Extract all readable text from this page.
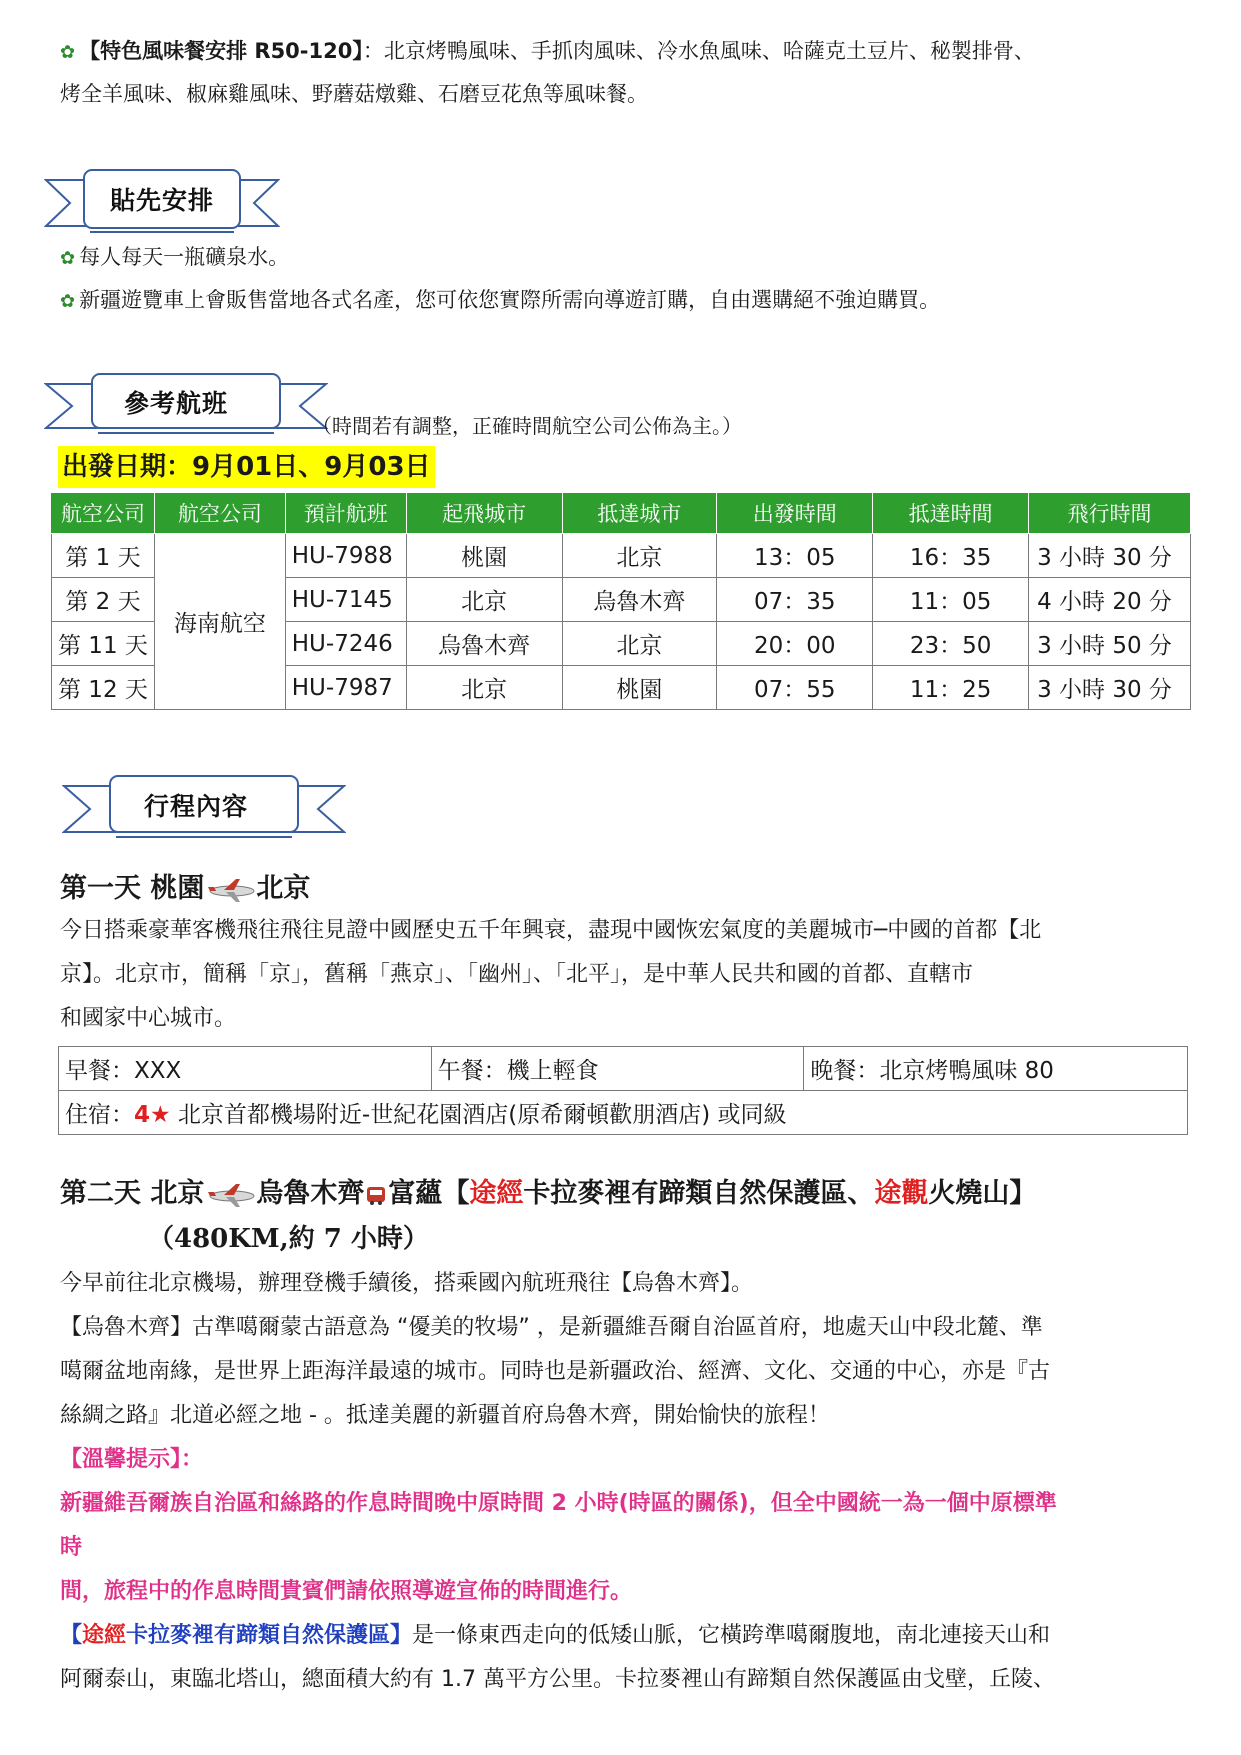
✿ 【特色風味餐安排 R50-120】：北京烤鴨風味、手抓肉風味、冷水魚風味、哈薩克土豆片、秘製排骨、
烤全羊風味、椒麻雞風味、野蘑菇燉雞、石磨豆花魚等風味餐。
貼先安排
✿ 每人每天一瓶礦泉水。
✿ 新疆遊覽車上會販售當地各式名產，您可依您實際所需向導遊訂購，自由選購絕不強迫購買。
參考航班
（時間若有調整，正確時間航空公司公佈為主。）
出發日期：9月01日、9月03日
航空公司	航空公司	預計航班	起飛城市	抵達城市	出發時間	抵達時間	飛行時間
第 1 天	海南航空	HU-7988	桃園	北京	13：05	16：35	3 小時 30 分
第 2 天		HU-7145	北京	烏魯木齊	07：35	11：05	4 小時 20 分
第 11 天		HU-7246	烏魯木齊	北京	20：00	23：50	3 小時 50 分
第 12 天		HU-7987	北京	桃園	07：55	11：25	3 小時 30 分
行程內容
第一天 桃園 北京
今日搭乘豪華客機飛往飛往見證中國歷史五千年興衰，盡現中國恢宏氣度的美麗城市─中國的首都【北
京】。北京市，簡稱「京」，舊稱「燕京」、「幽州」、「北平」，是中華人民共和國的首都、直轄市
和國家中心城市。
早餐：XXX	午餐：機上輕食	晚餐：北京烤鴨風味 80
住宿：4★ 北京首都機場附近-世紀花園酒店(原希爾頓歡朋酒店) 或同級
第二天 北京 烏魯木齊 富蘊【途經卡拉麥裡有蹄類自然保護區、途觀火燒山】
（480KM,約 7 小時）
今早前往北京機場，辦理登機手續後，搭乘國內航班飛往【烏魯木齊】。
【烏魯木齊】古準噶爾蒙古語意為 “優美的牧場” ，是新疆維吾爾自治區首府，地處天山中段北麓、準
噶爾盆地南緣，是世界上距海洋最遠的城市。同時也是新疆政治、經濟、文化、交通的中心，亦是『古
絲綢之路』北道必經之地 - 。抵達美麗的新疆首府烏魯木齊，開始愉快的旅程！
【溫馨提示】：
新疆維吾爾族自治區和絲路的作息時間晚中原時間 2 小時(時區的關係)，但全中國統一為一個中原標準
時
間，旅程中的作息時間貴賓們請依照導遊宣佈的時間進行。
【途經卡拉麥裡有蹄類自然保護區】是一條東西走向的低矮山脈，它橫跨準噶爾腹地，南北連接天山和
阿爾泰山，東臨北塔山，總面積大約有 1.7 萬平方公里。卡拉麥裡山有蹄類自然保護區由戈壁，丘陵、
